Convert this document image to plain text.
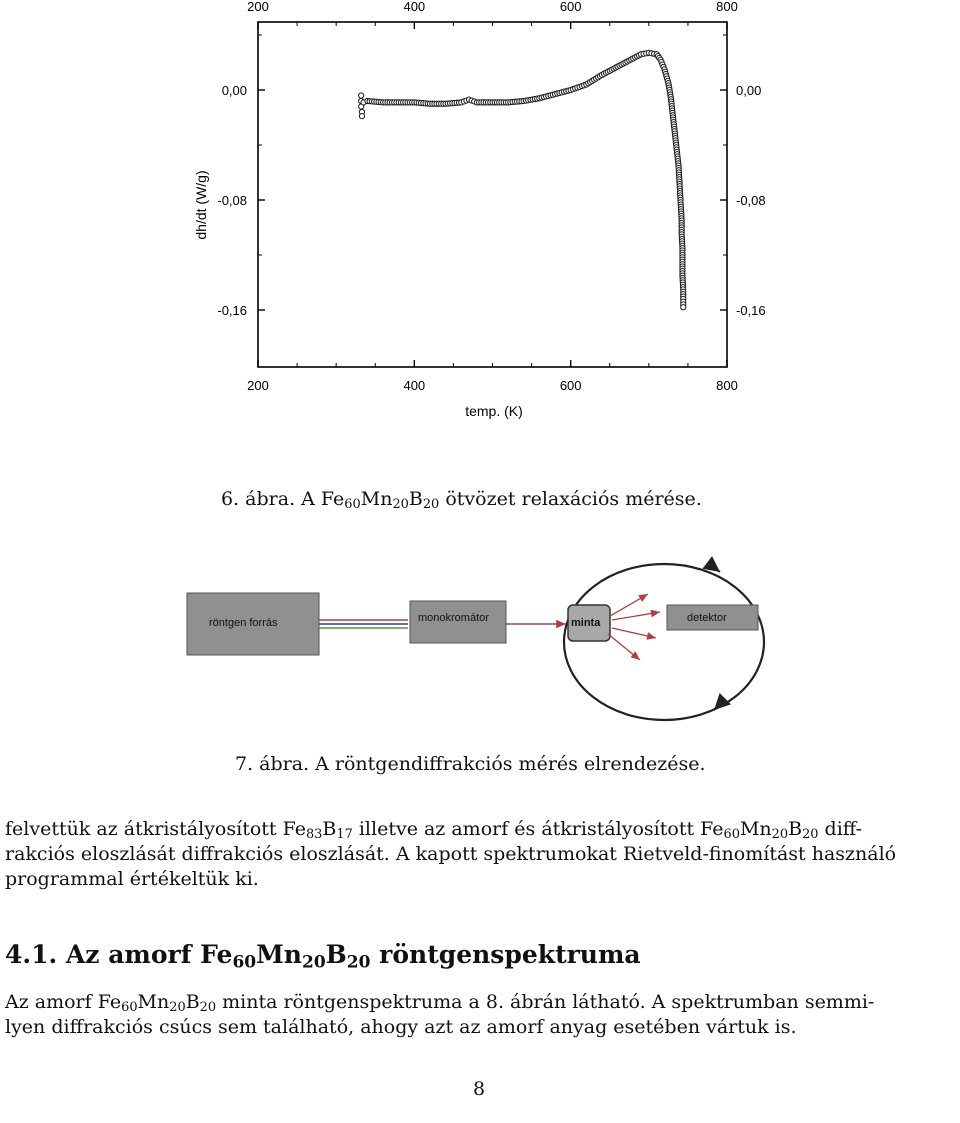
200
200
400
400
600
600
800
800
0,00	0,00
-0,08	-0,08
-0,16	-0,16
temp. (K)
dh/dt (W/g)
6. ábra. A $Fe_{60}Mn_{20}B_{20}$ ötvözet relaxációs mérése.
röntgen forrás	monokromátor	minta	detektor
7. ábra. A röntgendiffrakciós mérés elrendezése.
felvettük az átkristályosított $Fe_{83}B_{17}$ illetve az amorf és átkristályosított $Fe_{60}Mn_{20}B_{20}$ diff-
rakciós eloszlását diffrakciós eloszlását. A kapott spektrumokat Rietveld-finomítást használó
programmal értékeltük ki.
4.1. Az amorf $Fe_{60}Mn_{20}B_{20}$ röntgenspektruma
Az amorf $Fe_{60}Mn_{20}B_{20}$ minta röntgenspektruma a 8. ábrán látható. A spektrumban semmi-
lyen diffrakciós csúcs sem található, ahogy azt az amorf anyag esetében vártuk is.
8
